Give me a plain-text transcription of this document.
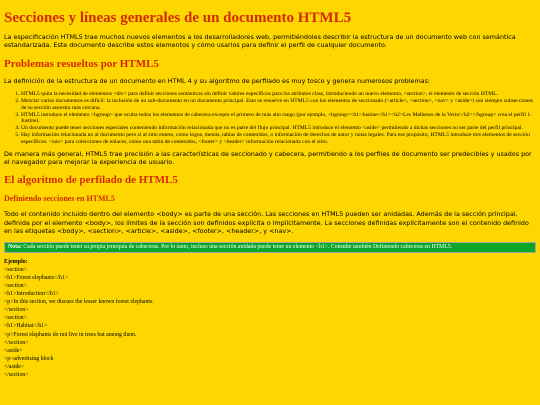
Secciones y líneas generales de un documento HTML5

La especificación HTML5 trae muchos nuevos elementos a los desarrolladores web, permitiéndoles describir la estructura de un documento web con semántica estandarizada. Este documento describe estos elementos y cómo usarlos para definir el perfil de cualquier documento.

Problemas resueltos por HTML5

La definición de la estructura de un documento en HTML 4 y su algoritmo de perfilado es muy tosco y genera numerosos problemas:

1. HTML5 quita la necesidad de elementos <div> para definir secciones semánticas sin definir valores específicos para los atributos class, introduciendo un nuevo elemento, <section>, el elemento de sección HTML.
2. Mezclar varios documentos es difícil: la inclusión de un sub-documento en un documento principal. Esto se resuelve en HTML5 con los elementos de seccionado (<article>, <section>, <nav> y <aside>) son siempre subsecciones de su sección ancestra más cercana.
3. HTML5 introduce el elemento <hgroup> que oculta todos los elementos de cabecera excepto el primero de más alto rango (por ejemplo, <hgroup><h1>Justine</h1><h2>Les Malheurs de la Vertu</h2></hgroup> crea el perfil 1. Justine).
4. Un documento puede tener secciones especiales conteniendo información relacionada que no es parte del flujo principal. HTML5 introduce el elemento <aside> permitiendo a dichas secciones no ser parte del perfil principal.
5. Hay información relacionada no al documento pero sí al sitio entero, como logos, menús, tablas de contenidos, o información de derechos de autor y notas legales. Para ese propósito, HTML5 introduce tres elementos de sección específicos: <nav> para colecciones de enlaces, como una tabla de contenidos, <footer> y <header> información relacionada con el sitio.

De manera más general, HTML5 trae precisión a las características de seccionado y cabecera, permitiendo a los perfiles de documento ser predecibles y usados por el navegador para mejorar la experiencia de usuario.

El algoritmo de perfilado de HTML5
Definiendo secciones en HTML5

Todo el contenido incluido dentro del elemento <body> es parte de una sección. Las secciones en HTML5 pueden ser anidadas. Además de la sección principal, definida por el elemento <body>, los límites de la sección son definidos explícita o implícitamente. La secciones definidas explícitamente son el contenido definido en las etiquetas <body>, <section>, <article>, <aside>, <footer>, <header>, y <nav>.

Nota: Cada sección puede tener su propia jerarquía de cabeceras. Por lo tanto, incluso una sección anidada puede tener un elemento <h1>. Consulte también Definiendo cabeceras en HTML5.

Ejemplo:

<section>
<h1>Forest elephants</h1>
<section>
<h1>Introduction</h1>
<p>In this section, we discuss the lesser known forest elephants.
</section>
<section>
<h1>Habitat</h1>
<p>Forest elephants do not live in trees but among them.
</section>
<aside>
<p>advertising block
</aside>
</section>
